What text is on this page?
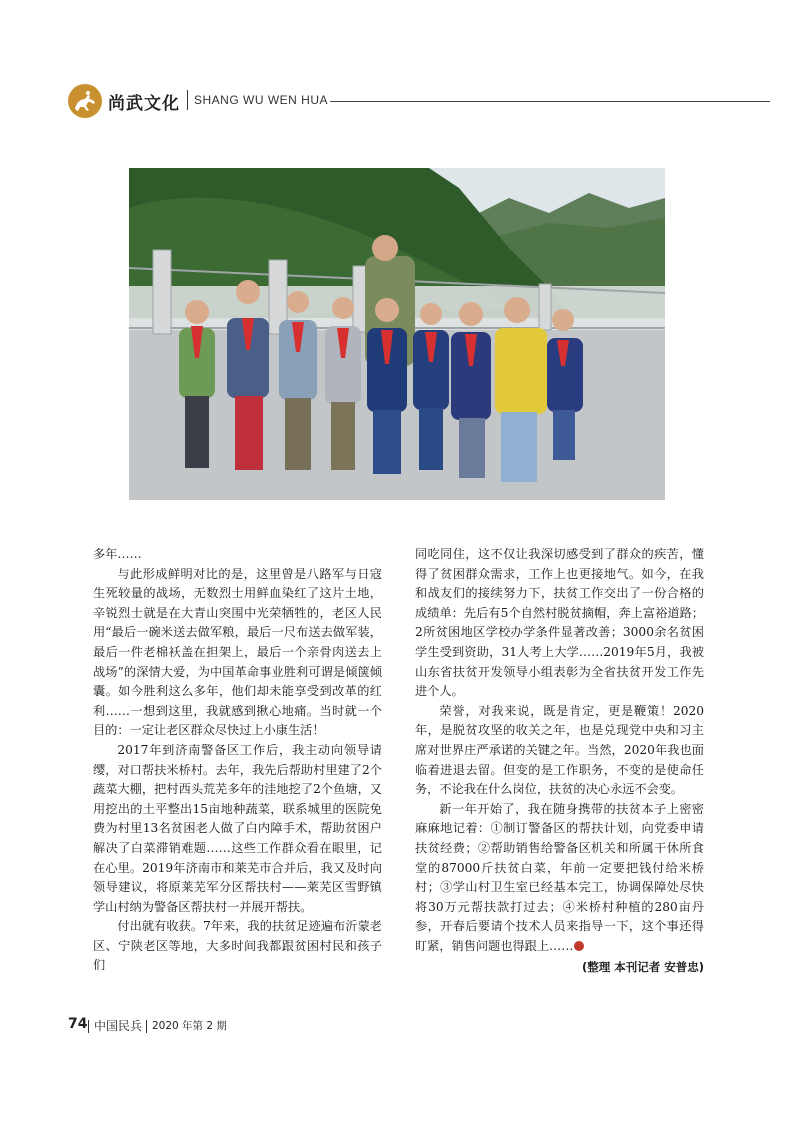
尚武文化 SHANG WU WEN HUA

多年……

与此形成鲜明对比的是，这里曾是八路军与日寇生死较量的战场，无数烈士用鲜血染红了这片土地，辛锐烈士就是在大青山突围中光荣牺牲的，老区人民用“最后一碗米送去做军粮，最后一尺布送去做军装，最后一件老棉袄盖在担架上，最后一个亲骨肉送去上战场”的深情大爱，为中国革命事业胜利可谓是倾箧倾囊。如今胜利这么多年，他们却未能享受到改革的红利……一想到这里，我就感到揪心地痛。当时就一个目的：一定让老区群众尽快过上小康生活！

2017年到济南警备区工作后，我主动向领导请缨，对口帮扶米桥村。去年，我先后帮助村里建了2个蔬菜大棚，把村西头荒芜多年的洼地挖了2个鱼塘，又用挖出的土平整出15亩地种蔬菜，联系城里的医院免费为村里13名贫困老人做了白内障手术，帮助贫困户解决了白菜滞销难题……这些工作群众看在眼里，记在心里。2019年济南市和莱芜市合并后，我又及时向领导建议，将原莱芜军分区帮扶村——莱芜区雪野镇学山村纳为警备区帮扶村一并展开帮扶。

付出就有收获。7年来，我的扶贫足迹遍布沂蒙老区、宁陕老区等地，大多时间我都跟贫困村民和孩子们

同吃同住，这不仅让我深切感受到了群众的疾苦，懂得了贫困群众需求，工作上也更接地气。如今，在我和战友们的接续努力下，扶贫工作交出了一份合格的成绩单：先后有5个自然村脱贫摘帽，奔上富裕道路；2所贫困地区学校办学条件显著改善；3000余名贫困学生受到资助，31人考上大学……2019年5月，我被山东省扶贫开发领导小组表彰为全省扶贫开发工作先进个人。

荣誉，对我来说，既是肯定，更是鞭策！2020年，是脱贫攻坚的收关之年，也是兑现党中央和习主席对世界庄严承诺的关键之年。当然，2020年我也面临着进退去留。但变的是工作职务，不变的是使命任务，不论我在什么岗位，扶贫的决心永远不会变。

新一年开始了，我在随身携带的扶贫本子上密密麻麻地记着：①制订警备区的帮扶计划，向党委申请扶贫经费；②帮助销售给警备区机关和所属干休所食堂的87000斤扶贫白菜，年前一定要把钱付给米桥村；③学山村卫生室已经基本完工，协调保障处尽快将30万元帮扶款打过去；④米桥村种植的280亩丹参，开春后要请个技术人员来指导一下，这个事还得盯紧，销售问题也得跟上……

(整理 本刊记者 安普忠)

74 中国民兵 2020 年第 2 期
